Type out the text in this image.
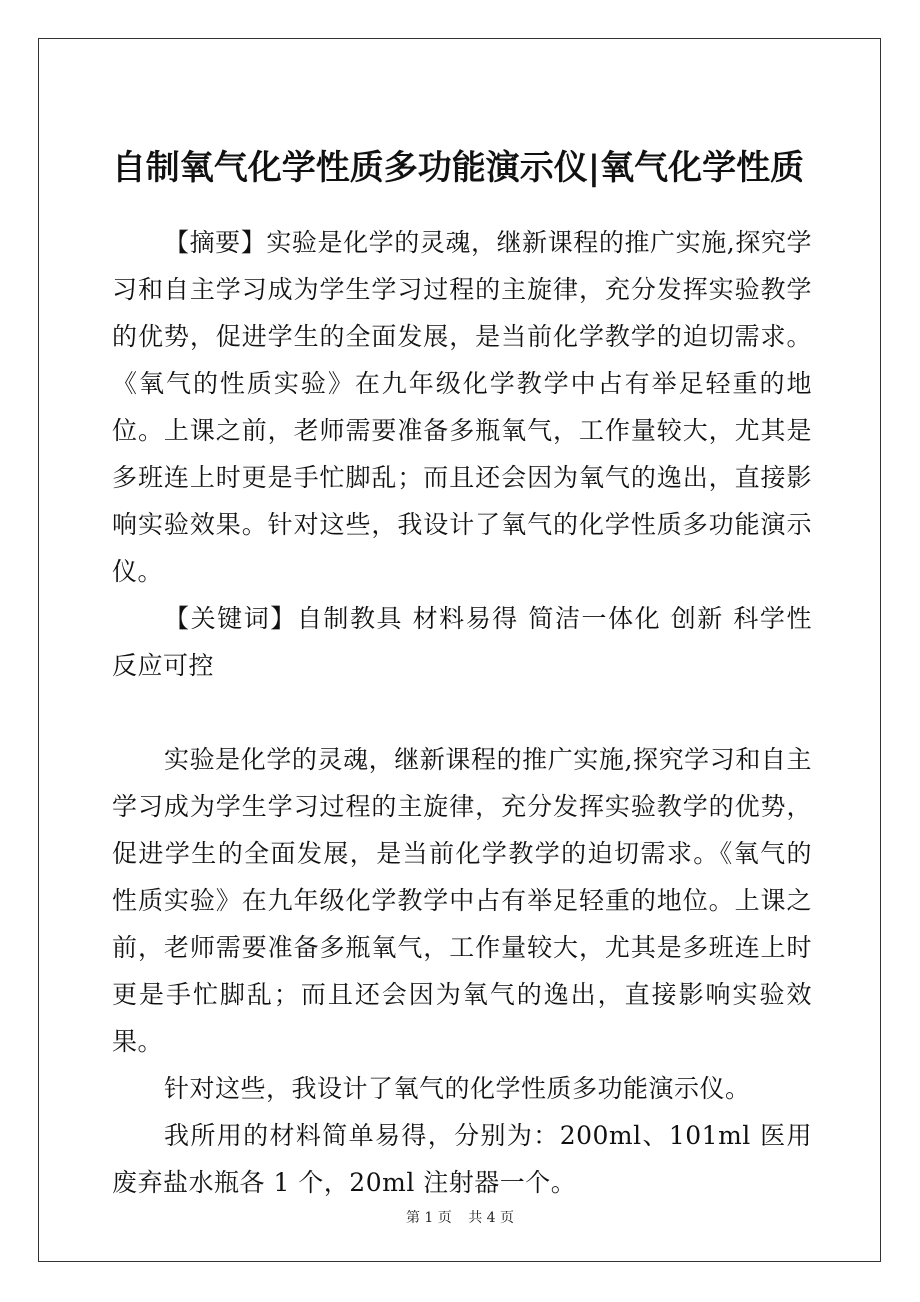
自制氧气化学性质多功能演示仪|氧气化学性质

【摘要】实验是化学的灵魂，继新课程的推广实施,探究学习和自主学习成为学生学习过程的主旋律，充分发挥实验教学的优势，促进学生的全面发展，是当前化学教学的迫切需求。《氧气的性质实验》在九年级化学教学中占有举足轻重的地位。上课之前，老师需要准备多瓶氧气，工作量较大，尤其是多班连上时更是手忙脚乱；而且还会因为氧气的逸出，直接影响实验效果。针对这些，我设计了氧气的化学性质多功能演示仪。

【关键词】自制教具 材料易得 简洁一体化 创新 科学性 反应可控

实验是化学的灵魂，继新课程的推广实施,探究学习和自主学习成为学生学习过程的主旋律，充分发挥实验教学的优势，促进学生的全面发展，是当前化学教学的迫切需求。《氧气的性质实验》在九年级化学教学中占有举足轻重的地位。上课之前，老师需要准备多瓶氧气，工作量较大，尤其是多班连上时更是手忙脚乱；而且还会因为氧气的逸出，直接影响实验效果。

针对这些，我设计了氧气的化学性质多功能演示仪。

我所用的材料简单易得，分别为：200ml、101ml 医用废弃盐水瓶各 1 个，20ml 注射器一个。

第 1 页 共 4 页
